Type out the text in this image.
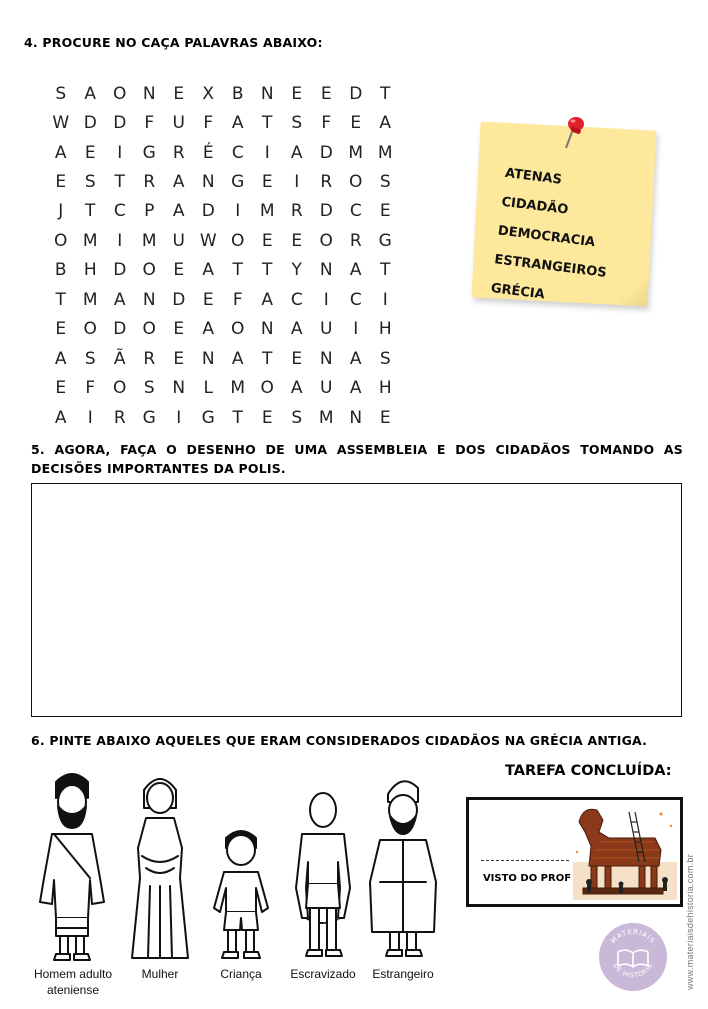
4. PROCURE NO CAÇA PALAVRAS ABAIXO:
S	A O N	E	X	B	N	E	E	D	T
W D D	F	U	F	A	T	S	F	E	A
A	E	I	G	R	É	C	I	A	D M M
E	S	T	R	A	N G	E	I	R O	S
J	T	C	P	A	D	I	M R	D	C	E
O M	I	M U W O	E	E	O R	G
B	H D O	E	A	T	T	Y	N	A	T
T M A	N D	E	F	A	C	I	C	I
E	O D O	E	A O N	A	U	I	H
A	S	Ã	R	E	N	A	T	E	N	A	S
E	F	O	S	N	L	M O A	U	A	H
A	I	R	G	I	G	T	E	S M N	E
ATENAS
CIDADÃO
DEMOCRACIA
ESTRANGEIROS
GRÉCIA
5. AGORA, FAÇA O DESENHO DE UMA ASSEMBLEIA E DOS CIDADÃOS TOMANDO AS DECISÕES IMPORTANTES DA POLIS.
6. PINTE ABAIXO AQUELES QUE ERAM CONSIDERADOS CIDADÃOS NA GRÉCIA ANTIGA.
Homem adulto ateniense
Mulher	Criança	Escravizado	Estrangeiro
TAREFA CONCLUÍDA:
VISTO DO PROF	www.materiaisdehistoria.com.br
MATERIAIS
DE HISTÓRIA
